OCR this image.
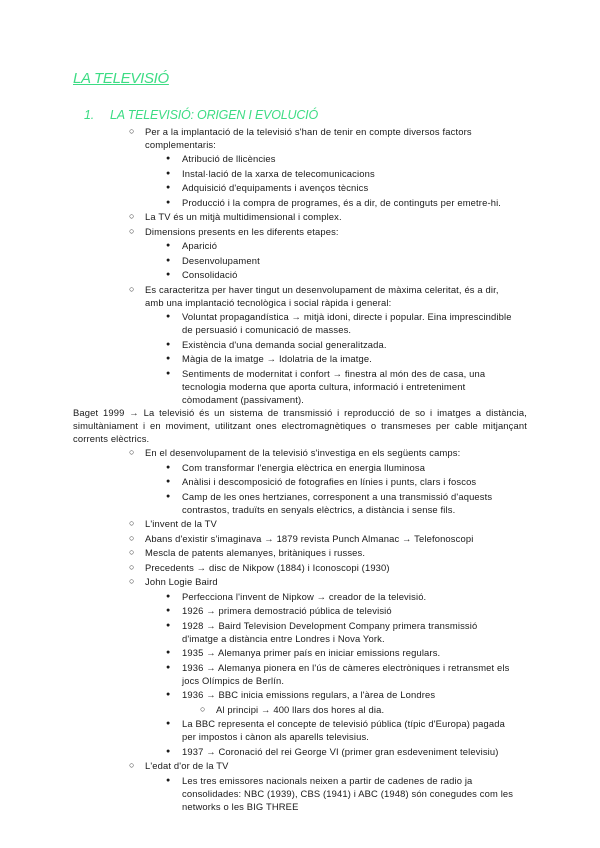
LA TELEVISIÓ
1. LA TELEVISIÓ: ORIGEN I EVOLUCIÓ
○ Per a la implantació de la televisió s'han de tenir en compte diversos factors
complementaris:
● Atribució de llicències
● Instal·lació de la xarxa de telecomunicacions
● Adquisició d'equipaments i avenços tècnics
● Producció i la compra de programes, és a dir, de continguts per emetre-hi.
○ La TV és un mitjà multidimensional i complex.
○ Dimensions presents en les diferents etapes:
● Aparició
● Desenvolupament
● Consolidació
○ Es caracteritza per haver tingut un desenvolupament de màxima celeritat, és a dir,
amb una implantació tecnològica i social ràpida i general:
● Voluntat propagandística → mitjà idoni, directe i popular. Eina imprescindible
de persuasió i comunicació de masses.
● Existència d'una demanda social generalitzada.
● Màgia de la imatge → Idolatria de la imatge.
● Sentiments de modernitat i confort → finestra al món des de casa, una
tecnologia moderna que aporta cultura, informació i entreteniment
còmodament (passivament).
Baget 1999 → La televisió és un sistema de transmissió i reproducció de so i imatges a distància,
simultàniament i en moviment, utilitzant ones electromagnètiques o transmeses per cable mitjançant
corrents elèctrics.
○ En el desenvolupament de la televisió s'investiga en els següents camps:
● Com transformar l'energia elèctrica en energia lluminosa
● Anàlisi i descomposició de fotografies en línies i punts, clars i foscos
● Camp de les ones hertzianes, corresponent a una transmissió d'aquests
contrastos, traduïts en senyals elèctrics, a distància i sense fils.
○ L'invent de la TV
○ Abans d'existir s'imaginava → 1879 revista Punch Almanac → Telefonoscopi
○ Mescla de patents alemanyes, britàniques i russes.
○ Precedents → disc de Nikpow (1884) i Iconoscopi (1930)
○ John Logie Baird
● Perfecciona l'invent de Nipkow → creador de la televisió.
● 1926 → primera demostració pública de televisió
● 1928 → Baird Television Development Company primera transmissió
d'imatge a distància entre Londres i Nova York.
● 1935 → Alemanya primer país en iniciar emissions regulars.
● 1936 → Alemanya pionera en l'ús de càmeres electròniques i retransmet els
jocs Olímpics de Berlín.
● 1936 → BBC inicia emissions regulars, a l'àrea de Londres
○ Al principi → 400 llars dos hores al dia.
● La BBC representa el concepte de televisió pública (típic d'Europa) pagada
per impostos i cànon als aparells televisius.
● 1937 → Coronació del rei George VI (primer gran esdeveniment televisiu)
○ L'edat d'or de la TV
● Les tres emissores nacionals neixen a partir de cadenes de radio ja
consolidades: NBC (1939), CBS (1941) i ABC (1948) són conegudes com les
networks o les BIG THREE
